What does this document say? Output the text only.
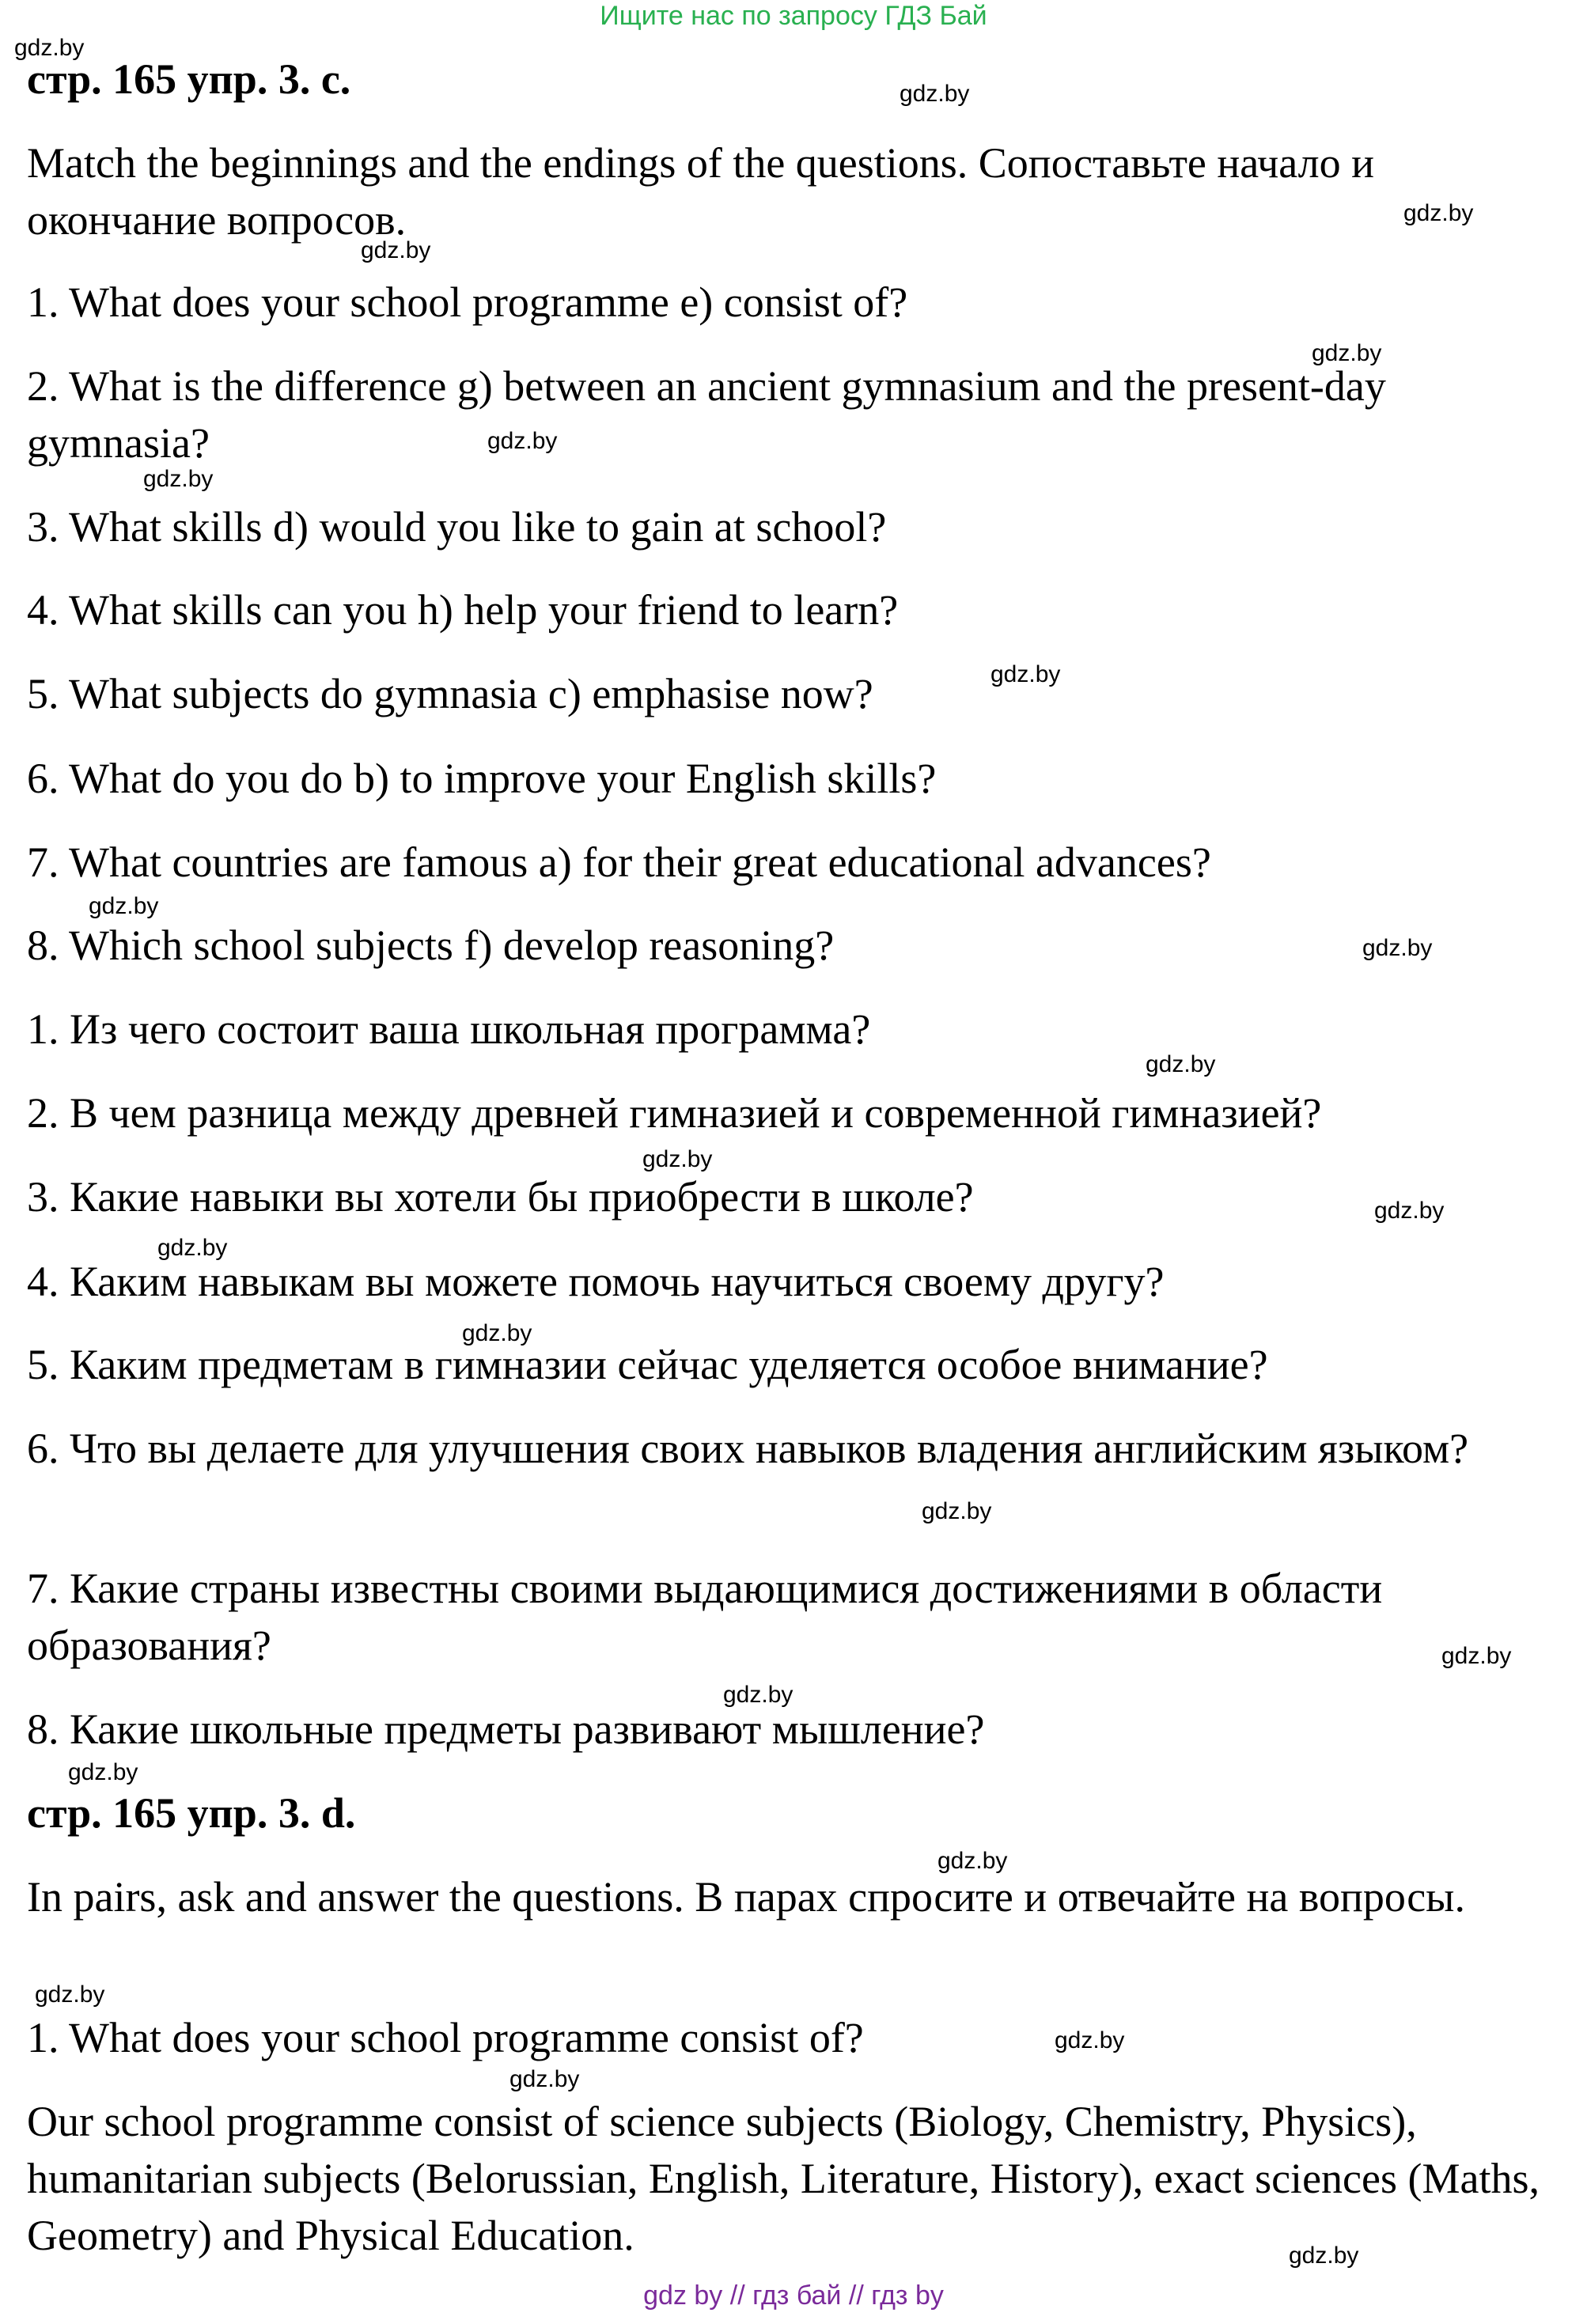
Ищите нас по запросу ГДЗ Бай
стр. 165 упр. 3. c.
Match the beginnings and the endings of the questions. Сопоставьте начало и окончание вопросов.
1. What does your school programme e) consist of?
2. What is the difference g) between an ancient gymnasium and the present-day gymnasia?
3. What skills d) would you like to gain at school?
4. What skills can you h) help your friend to learn?
5. What subjects do gymnasia c) emphasise now?
6. What do you do b) to improve your English skills?
7. What countries are famous a) for their great educational advances?
8. Which school subjects f) develop reasoning?
1. Из чего состоит ваша школьная программа?
2. В чем разница между древней гимназией и современной гимназией?
3. Какие навыки вы хотели бы приобрести в школе?
4. Каким навыкам вы можете помочь научиться своему другу?
5. Каким предметам в гимназии сейчас уделяется особое внимание?
6. Что вы делаете для улучшения своих навыков владения английским языком?
7. Какие страны известны своими выдающимися достижениями в области образования?
8. Какие школьные предметы развивают мышление?
стр. 165 упр. 3. d.
In pairs, ask and answer the questions. В парах спросите и отвечайте на вопросы.
1. What does your school programme consist of?
Our school programme consist of science subjects (Biology, Chemistry, Physics), humanitarian subjects (Belorussian, English, Literature, History), exact sciences (Maths, Geometry) and Physical Education.
gdz.by
gdz.by
gdz.by
gdz.by
gdz.by
gdz.by
gdz.by
gdz.by
gdz.by
gdz.by
gdz.by
gdz.by
gdz.by
gdz.by
gdz.by
gdz.by
gdz.by
gdz.by
gdz.by
gdz.by
gdz.by
gdz.by
gdz.by
gdz.by
gdz by // гдз бай // гдз by
